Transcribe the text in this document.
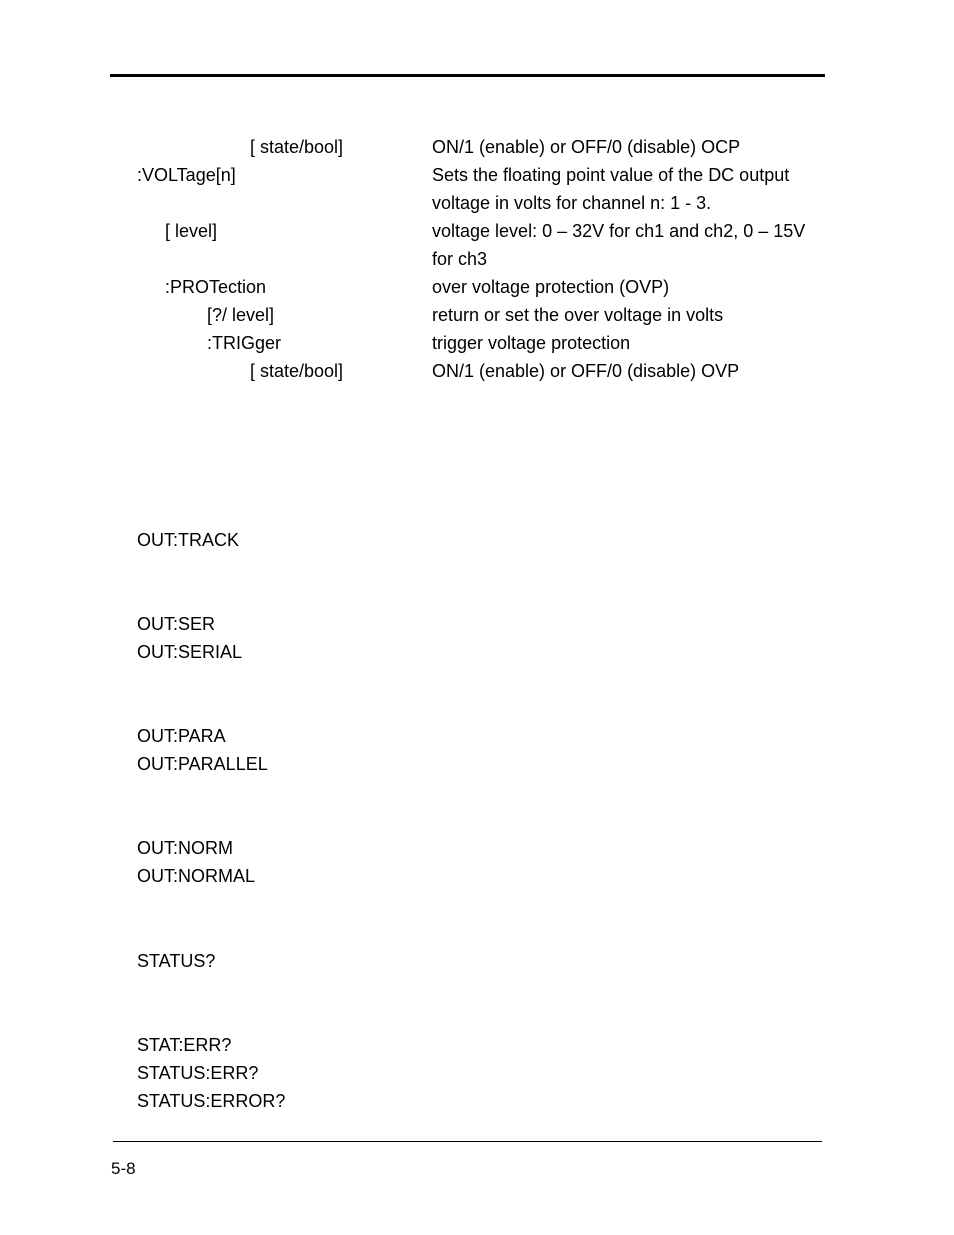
[ state/bool]	ON/1 (enable) or OFF/0 (disable) OCP
:VOLTage[n]	Sets the floating point value of the DC output
voltage in volts for channel n: 1 - 3.
[ level]	voltage level: 0 – 32V for ch1 and ch2, 0 – 15V
for ch3
:PROTection	over voltage protection (OVP)
[?/ level]	return or set the over voltage in volts
:TRIGger	trigger voltage protection
[ state/bool]	ON/1 (enable) or OFF/0 (disable) OVP
OUT:TRACK
OUT:SER
OUT:SERIAL
OUT:PARA
OUT:PARALLEL
OUT:NORM
OUT:NORMAL
STATUS?
STAT:ERR?
STATUS:ERR?
STATUS:ERROR?
5-8
